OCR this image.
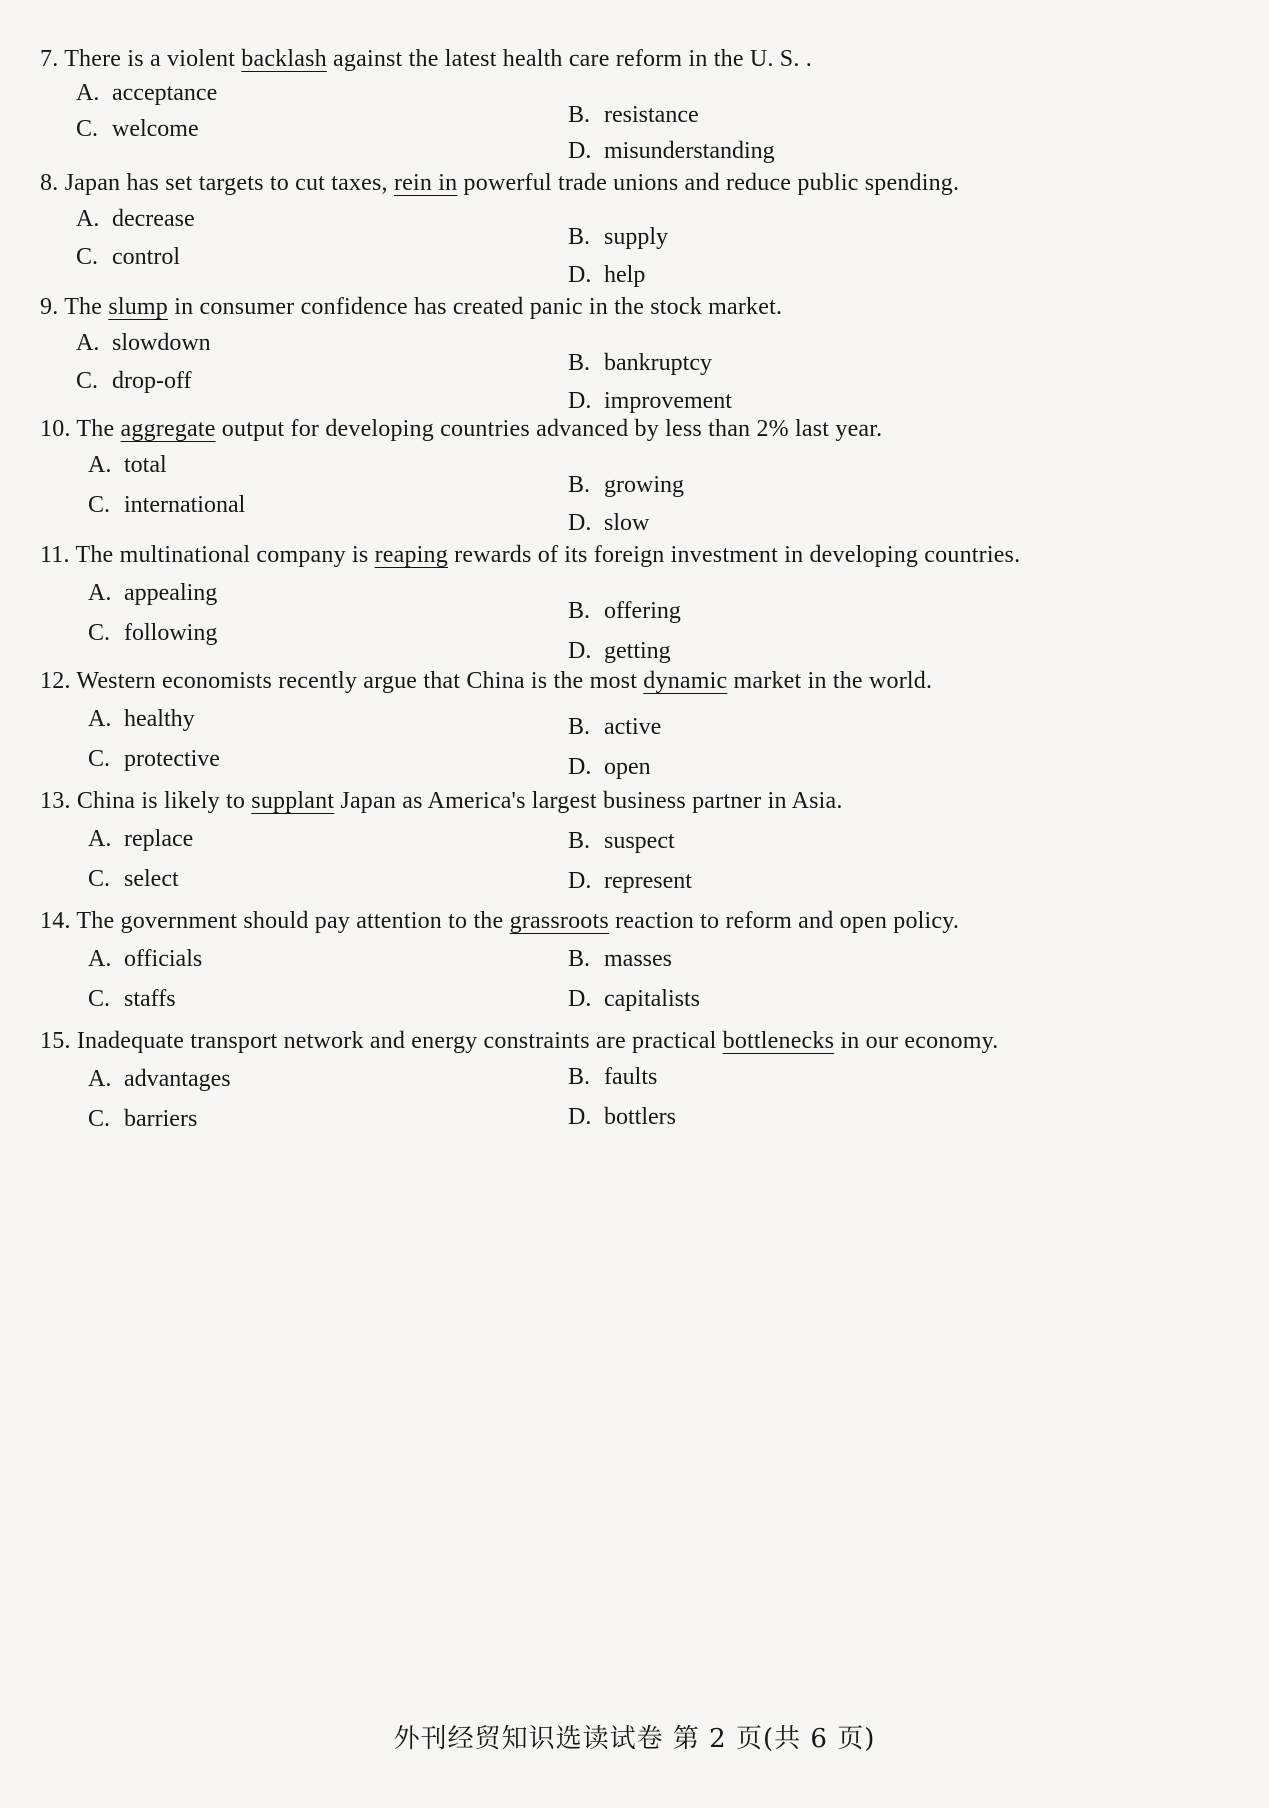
7. There is a violent backlash against the latest health care reform in the U. S. .
A. acceptance
B. resistance
C. welcome
D. misunderstanding
8. Japan has set targets to cut taxes, rein in powerful trade unions and reduce public spending.
A. decrease
B. supply
C. control
D. help
9. The slump in consumer confidence has created panic in the stock market.
A. slowdown
B. bankruptcy
C. drop-off
D. improvement
10. The aggregate output for developing countries advanced by less than 2% last year.
A. total
B. growing
C. international
D. slow
11. The multinational company is reaping rewards of its foreign investment in developing countries.
A. appealing
B. offering
C. following
D. getting
12. Western economists recently argue that China is the most dynamic market in the world.
A. healthy	B. active
C. protective	D. open
13. China is likely to supplant Japan as America's largest business partner in Asia.
A. replace	B. suspect
C. select	D. represent
14. The government should pay attention to the grassroots reaction to reform and open policy.
A. officials	B. masses
C. staffs	D. capitalists
15. Inadequate transport network and energy constraints are practical bottlenecks in our economy.
A. advantages	B. faults
C. barriers	D. bottlers
外刊经贸知识选读试卷 第 2 页(共 6 页)
